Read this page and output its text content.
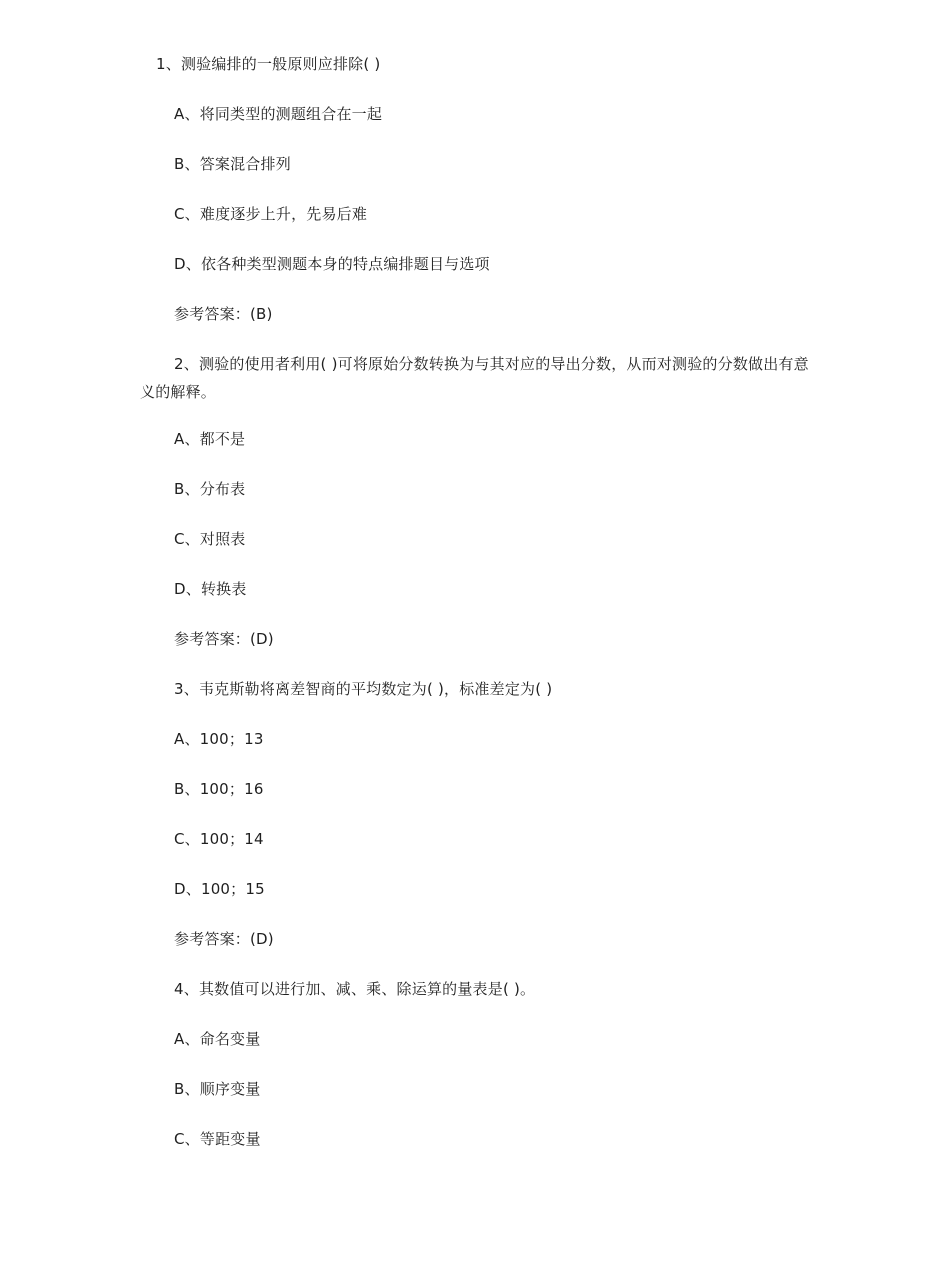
1、测验编排的一般原则应排除( )
A、将同类型的测题组合在一起
B、答案混合排列
C、难度逐步上升，先易后难
D、依各种类型测题本身的特点编排题目与选项
参考答案：(B)
2、测验的使用者利用( )可将原始分数转换为与其对应的导出分数，从而对测验的分数做出有意义的解释。
A、都不是
B、分布表
C、对照表
D、转换表
参考答案：(D)
3、韦克斯勒将离差智商的平均数定为( )，标准差定为( )
A、100；13
B、100；16
C、100；14
D、100；15
参考答案：(D)
4、其数值可以进行加、减、乘、除运算的量表是( )。
A、命名变量
B、顺序变量
C、等距变量
